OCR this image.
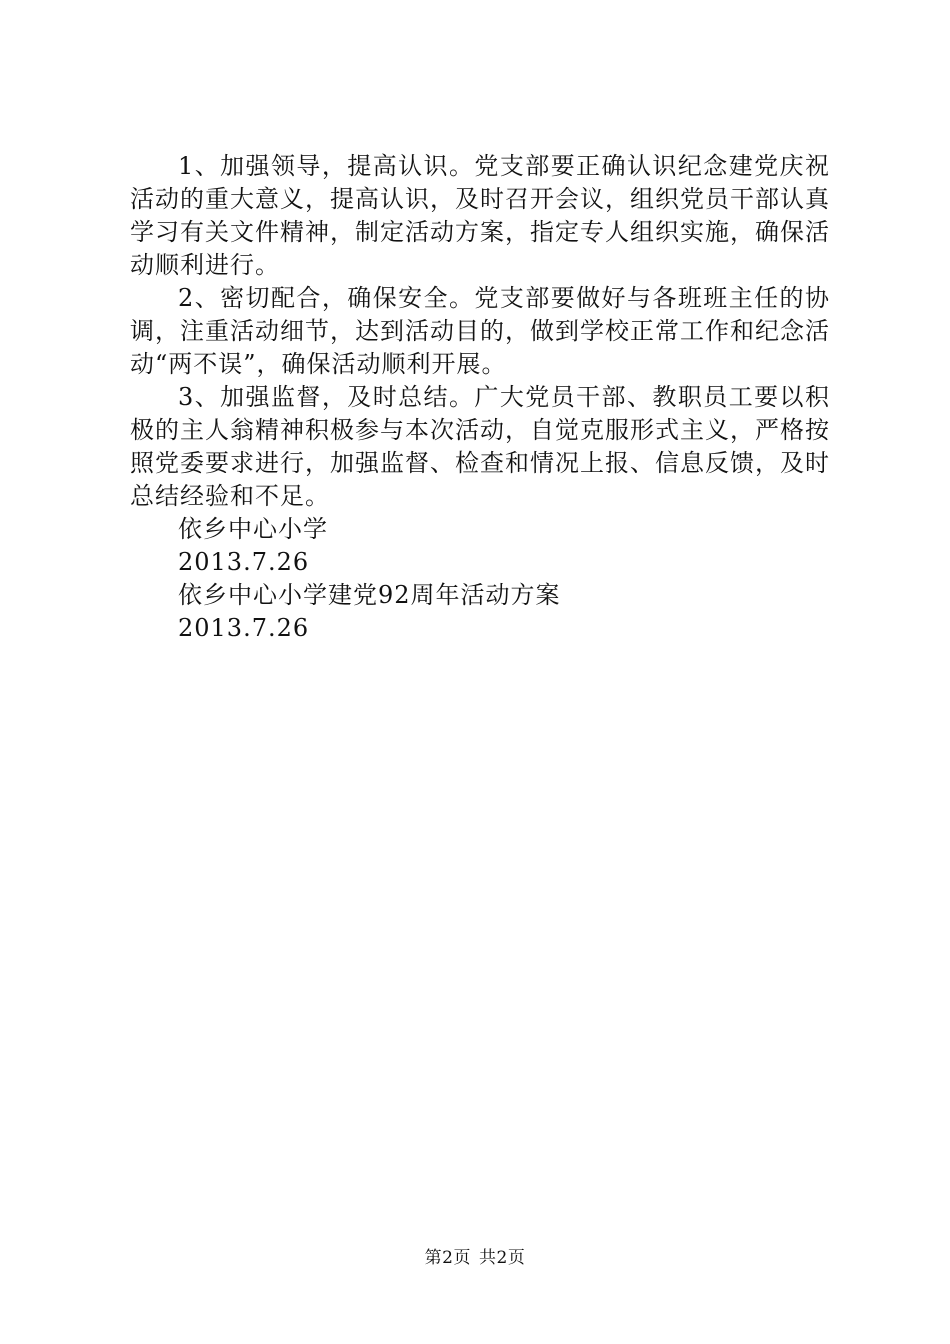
1、加强领导，提高认识。党支部要正确认识纪念建党庆祝活动的重大意义，提高认识，及时召开会议，组织党员干部认真学习有关文件精神，制定活动方案，指定专人组织实施，确保活动顺利进行。

2、密切配合，确保安全。党支部要做好与各班班主任的协调，注重活动细节，达到活动目的，做到学校正常工作和纪念活动“两不误”，确保活动顺利开展。

3、加强监督，及时总结。广大党员干部、教职员工要以积极的主人翁精神积极参与本次活动，自觉克服形式主义，严格按照党委要求进行，加强监督、检查和情况上报、信息反馈，及时总结经验和不足。

依乡中心小学

2013.7.26

依乡中心小学建党92周年活动方案

2013.7.26

第2页 共2页
